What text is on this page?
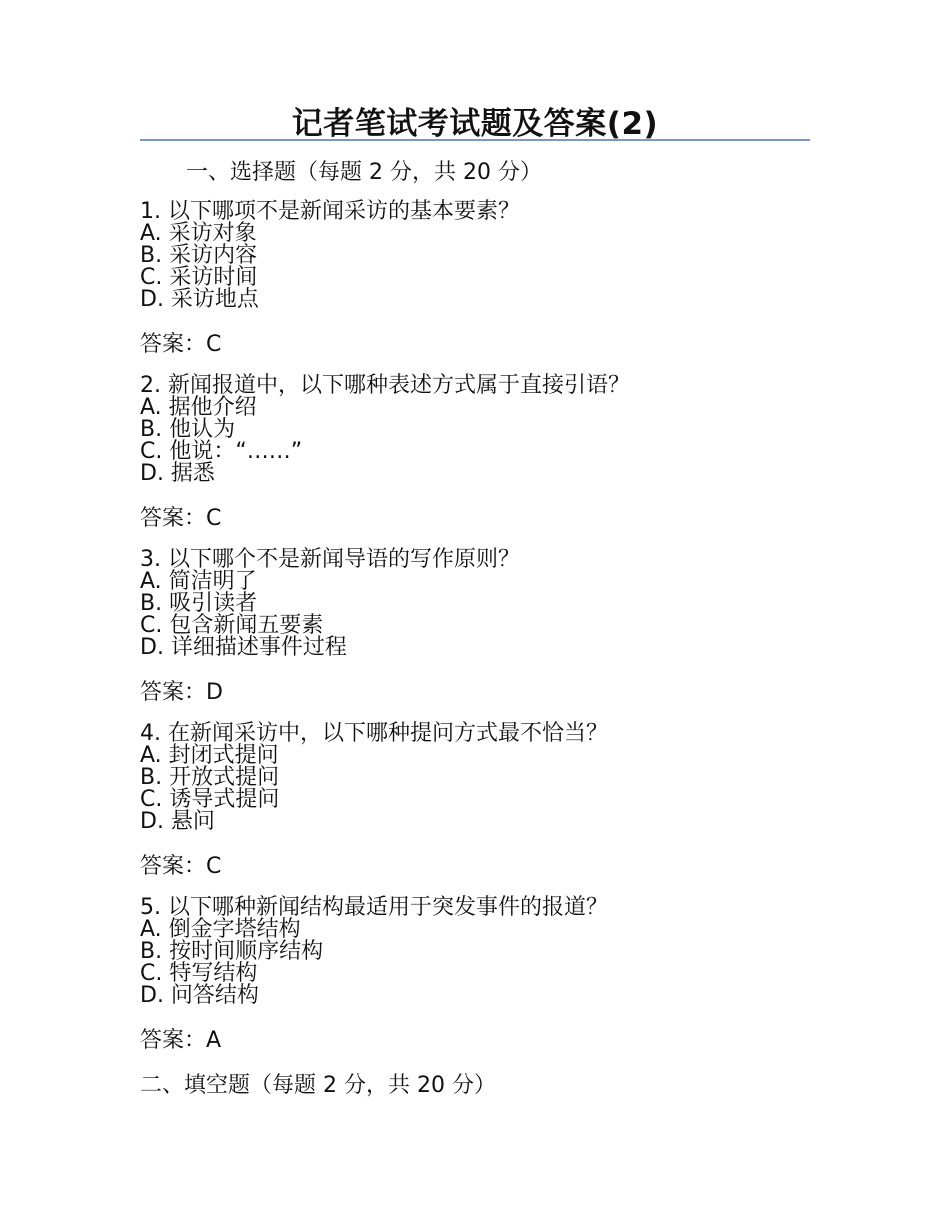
记者笔试考试题及答案(2)

一、选择题（每题 2 分，共 20 分）

1. 以下哪项不是新闻采访的基本要素？

A. 采访对象

B. 采访内容

C. 采访时间

D. 采访地点

答案：C

2. 新闻报道中，以下哪种表述方式属于直接引语？

A. 据他介绍

B. 他认为

C. 他说：“……”

D. 据悉

答案：C

3. 以下哪个不是新闻导语的写作原则？

A. 简洁明了

B. 吸引读者

C. 包含新闻五要素

D. 详细描述事件过程

答案：D

4. 在新闻采访中，以下哪种提问方式最不恰当？

A. 封闭式提问

B. 开放式提问

C. 诱导式提问

D. 悬问

答案：C

5. 以下哪种新闻结构最适用于突发事件的报道？

A. 倒金字塔结构

B. 按时间顺序结构

C. 特写结构

D. 问答结构

答案：A

二、填空题（每题 2 分，共 20 分）
